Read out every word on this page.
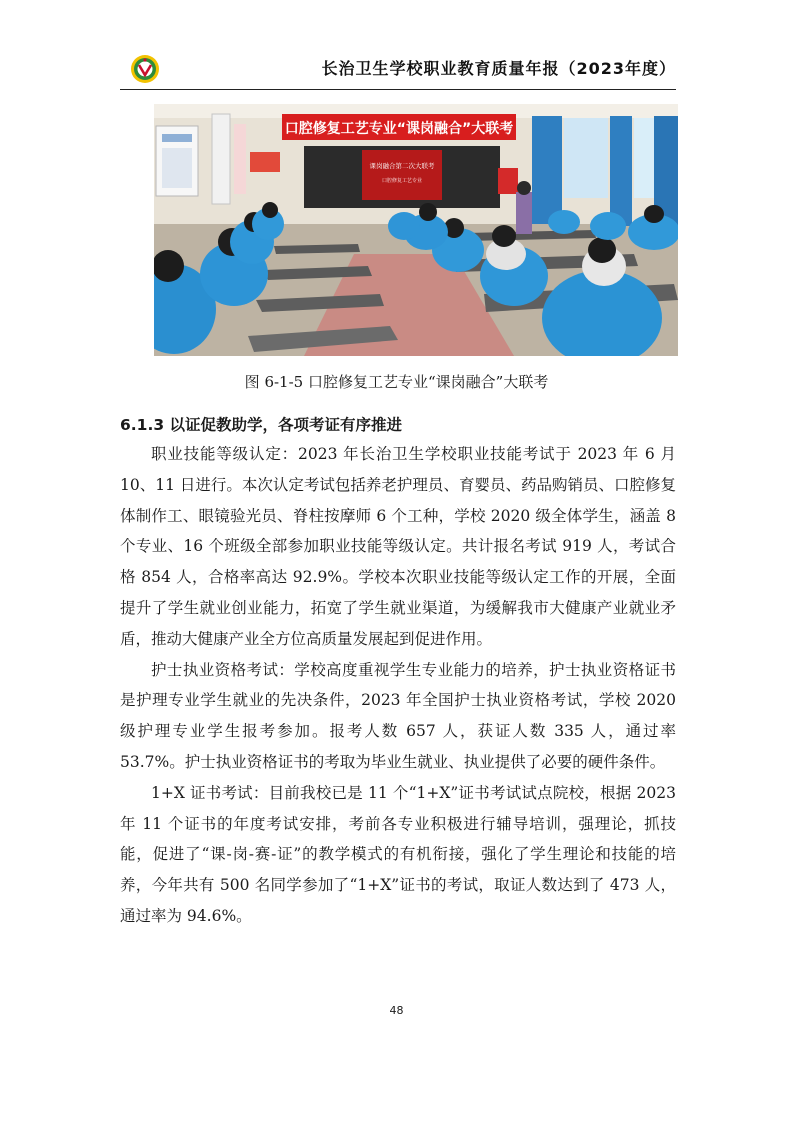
长治卫生学校职业教育质量年报（2023年度）
口腔修复工艺专业“课岗融合”大联考
课岗融合第二次大联考
口腔修复工艺专业
图 6-1-5 口腔修复工艺专业“课岗融合”大联考
6.1.3 以证促教助学，各项考证有序推进

职业技能等级认定：2023 年长治卫生学校职业技能考试于 2023 年 6 月 10、11 日进行。本次认定考试包括养老护理员、育婴员、药品购销员、口腔修复体制作工、眼镜验光员、脊柱按摩师 6 个工种，学校 2020 级全体学生，涵盖 8 个专业、16 个班级全部参加职业技能等级认定。共计报名考试 919 人，考试合格 854 人，合格率高达 92.9%。学校本次职业技能等级认定工作的开展，全面提升了学生就业创业能力，拓宽了学生就业渠道，为缓解我市大健康产业就业矛盾，推动大健康产业全方位高质量发展起到促进作用。

护士执业资格考试：学校高度重视学生专业能力的培养，护士执业资格证书是护理专业学生就业的先决条件，2023 年全国护士执业资格考试，学校 2020 级护理专业学生报考参加。报考人数 657 人，获证人数 335 人，通过率 53.7%。护士执业资格证书的考取为毕业生就业、执业提供了必要的硬件条件。

1+X 证书考试：目前我校已是 11 个“1+X”证书考试试点院校，根据 2023 年 11 个证书的年度考试安排，考前各专业积极进行辅导培训，强理论，抓技能，促进了“课-岗-赛-证”的教学模式的有机衔接，强化了学生理论和技能的培养，今年共有 500 名同学参加了“1+X”证书的考试，取证人数达到了 473 人，通过率为 94.6%。

48
